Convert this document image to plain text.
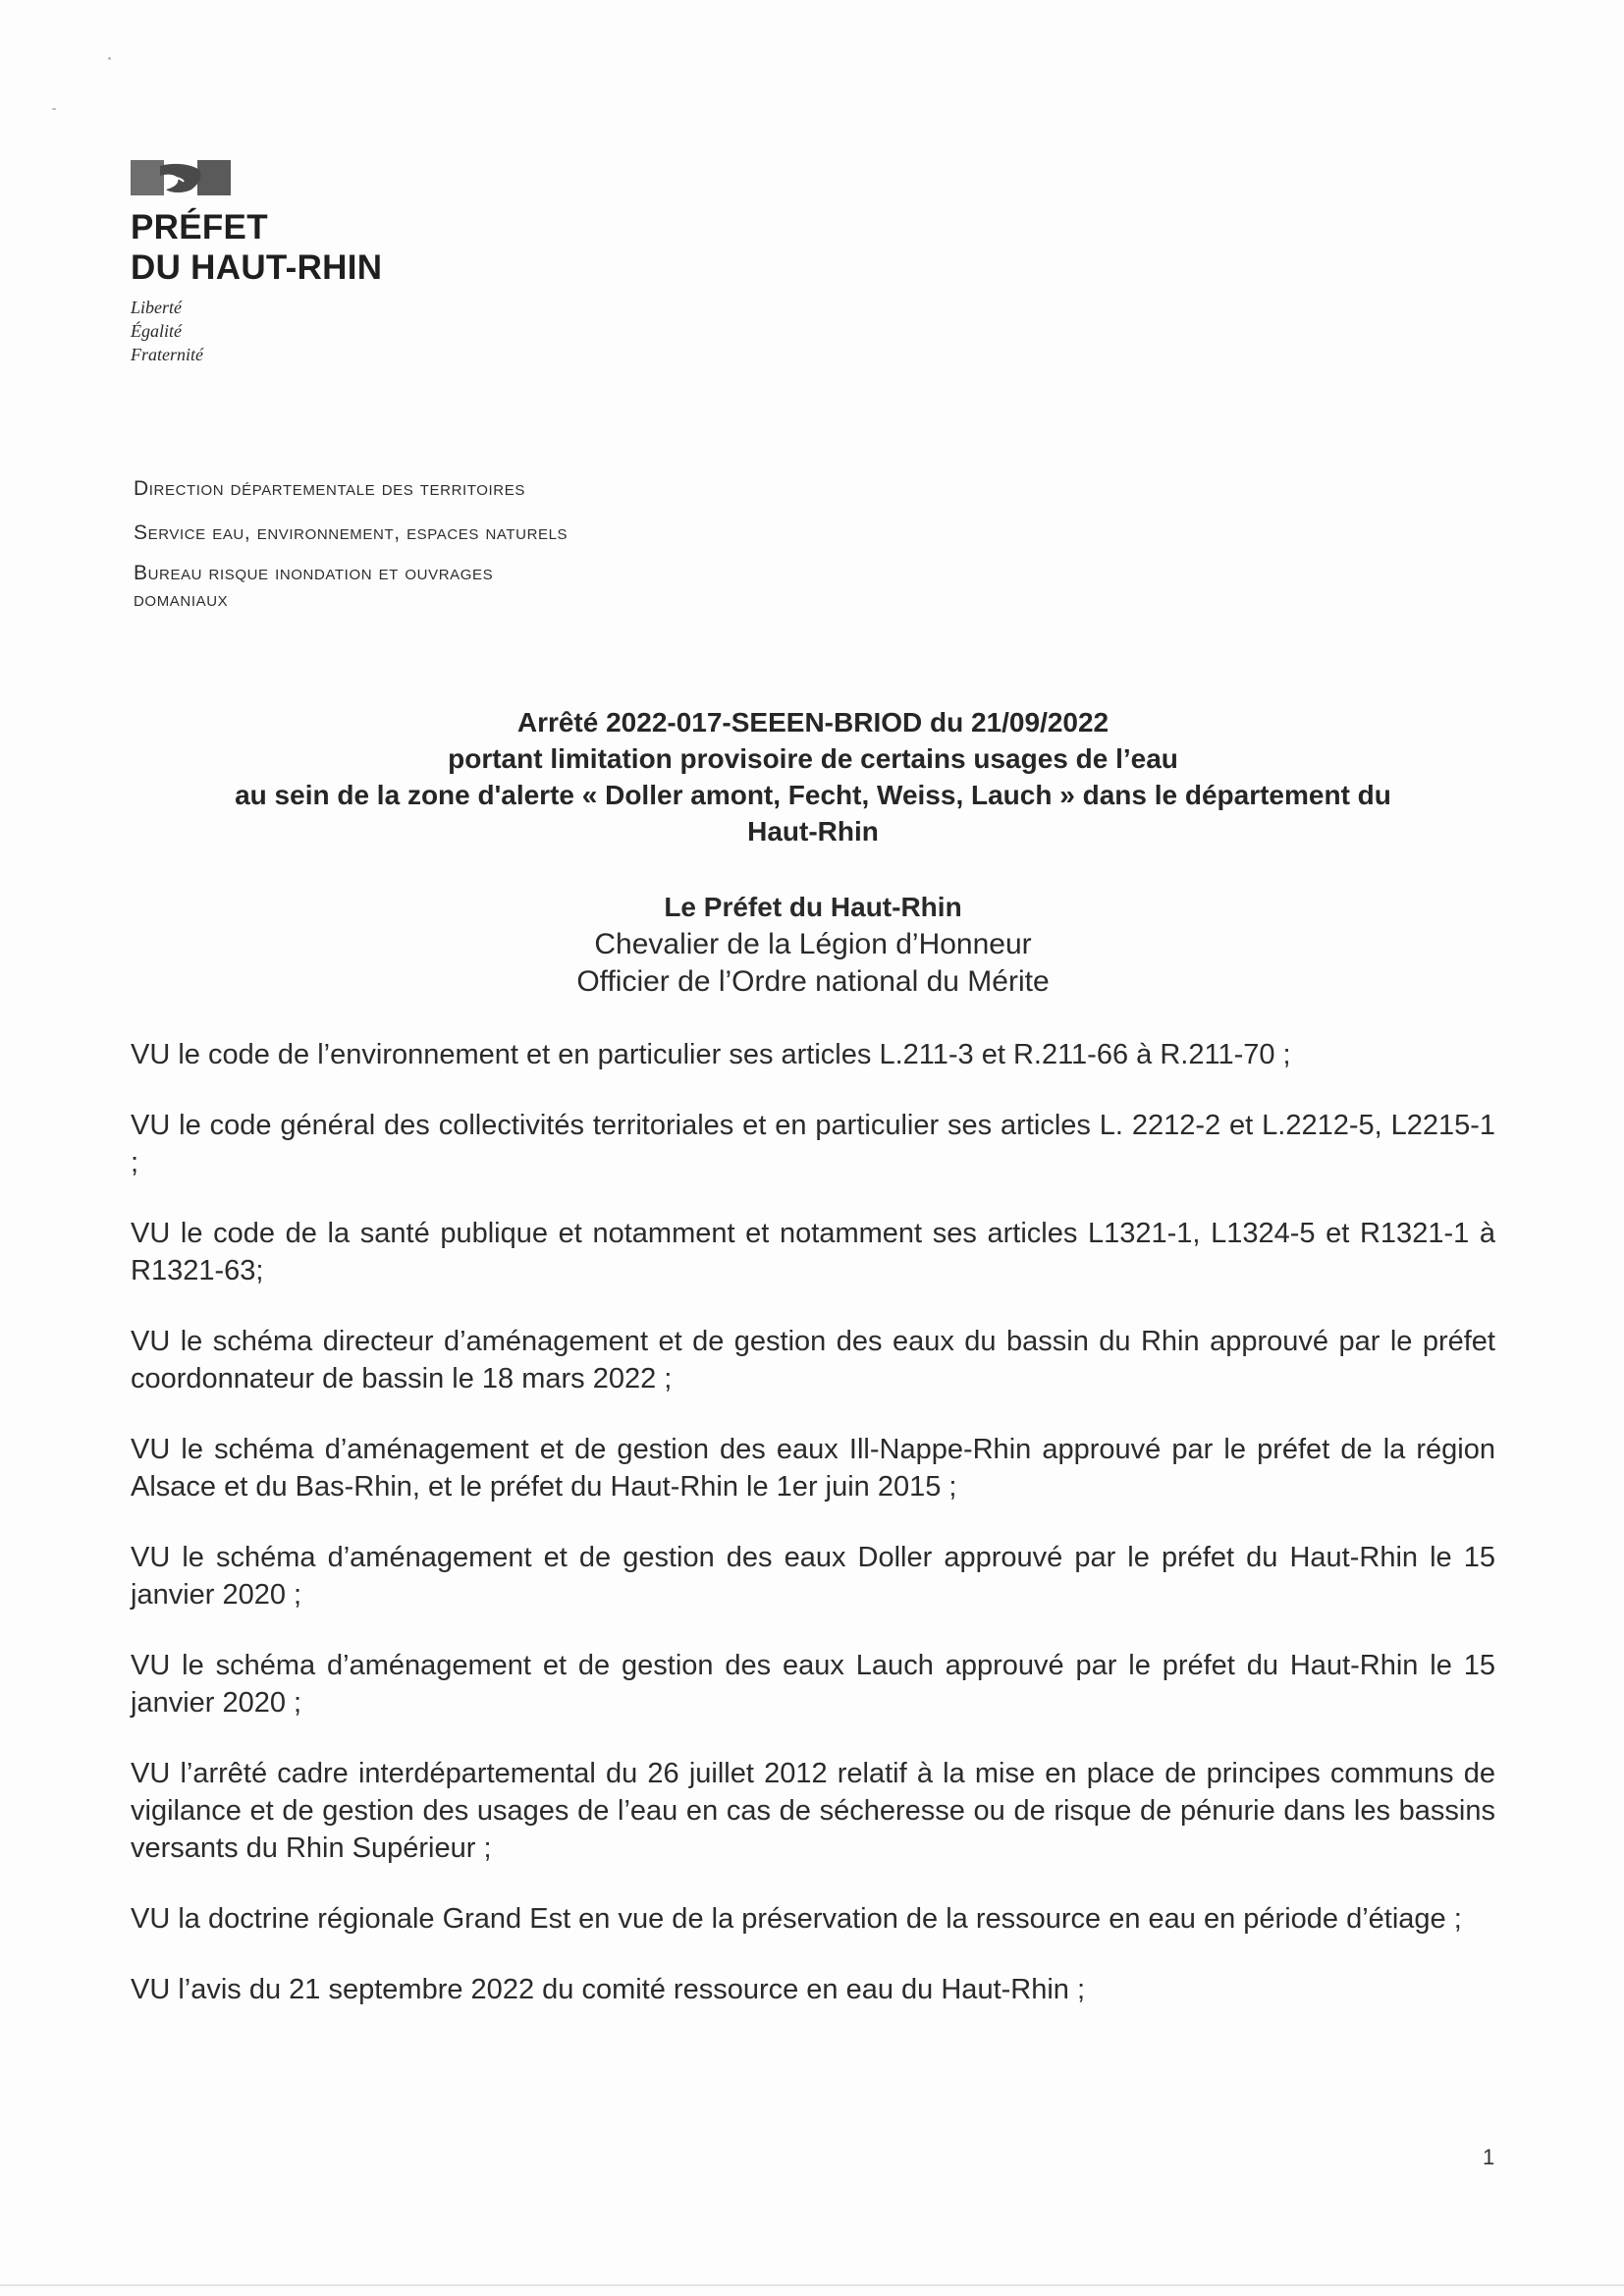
PRÉFET
DU HAUT-RHIN
Liberté
Égalité
Fraternité
Direction départementale des territoires
Service eau, environnement, espaces naturels
Bureau risque inondation et ouvrages
domaniaux
Arrêté 2022-017-SEEEN-BRIOD du 21/09/2022
portant limitation provisoire de certains usages de l’eau
au sein de la zone d'alerte « Doller amont, Fecht, Weiss, Lauch » dans le département du
Haut-Rhin
Le Préfet du Haut-Rhin
Chevalier de la Légion d’Honneur
Officier de l’Ordre national du Mérite

VU le code de l’environnement et en particulier ses articles L.211-3 et R.211-66 à R.211-70 ;

VU le code général des collectivités territoriales et en particulier ses articles L. 2212-2 et L.2212-5, L2215-1 ;

VU le code de la santé publique et notamment et notamment ses articles L1321-1, L1324-5 et R1321-1 à R1321-63;

VU le schéma directeur d’aménagement et de gestion des eaux du bassin du Rhin approuvé par le préfet coordonnateur de bassin le 18 mars 2022 ;

VU le schéma d’aménagement et de gestion des eaux Ill-Nappe-Rhin approuvé par le préfet de la région Alsace et du Bas-Rhin, et le préfet du Haut-Rhin le 1er juin 2015 ;

VU le schéma d’aménagement et de gestion des eaux Doller approuvé par le préfet du Haut-Rhin le 15 janvier 2020 ;

VU le schéma d’aménagement et de gestion des eaux Lauch approuvé par le préfet du Haut-Rhin le 15 janvier 2020 ;

VU l’arrêté cadre interdépartemental du 26 juillet 2012 relatif à la mise en place de principes communs de vigilance et de gestion des usages de l’eau en cas de sécheresse ou de risque de pénurie dans les bassins versants du Rhin Supérieur ;

VU la doctrine régionale Grand Est en vue de la préservation de la ressource en eau en période d’étiage ;

VU l’avis du 21 septembre 2022 du comité ressource en eau du Haut-Rhin ;

1
